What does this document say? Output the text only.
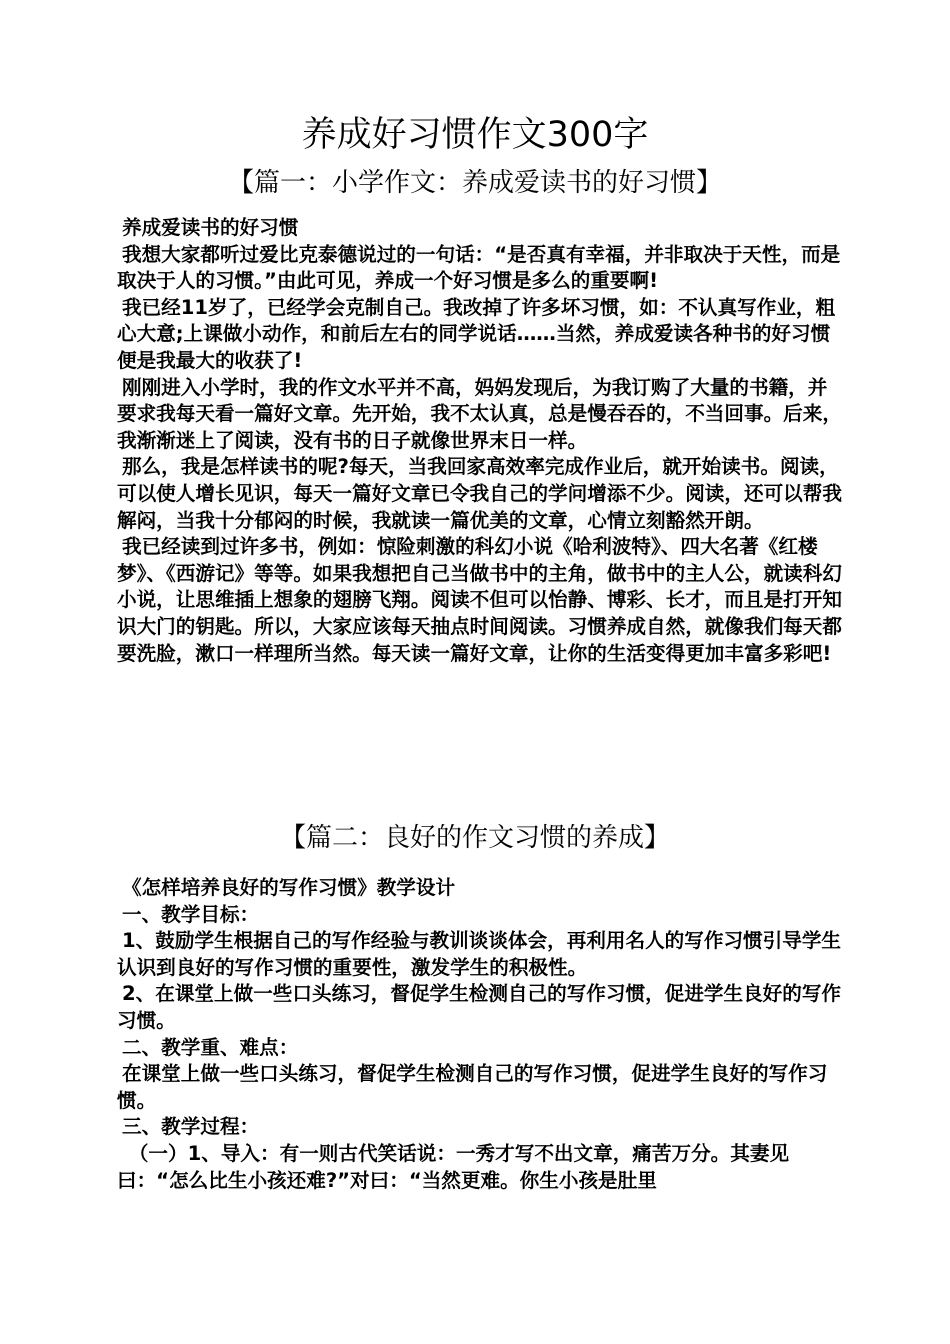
养成好习惯作文300字
【篇一：小学作文：养成爱读书的好习惯】

养成爱读书的好习惯

我想大家都听过爱比克泰德说过的一句话：“是否真有幸福，并非取决于天性，而是取决于人的习惯。”由此可见，养成一个好习惯是多么的重要啊!

我已经11岁了，已经学会克制自己。我改掉了许多坏习惯，如：不认真写作业，粗心大意;上课做小动作，和前后左右的同学说话……当然，养成爱读各种书的好习惯便是我最大的收获了!

刚刚进入小学时，我的作文水平并不高，妈妈发现后，为我订购了大量的书籍，并要求我每天看一篇好文章。先开始，我不太认真，总是慢吞吞的，不当回事。后来，我渐渐迷上了阅读，没有书的日子就像世界末日一样。

那么，我是怎样读书的呢?每天，当我回家高效率完成作业后，就开始读书。阅读，可以使人增长见识，每天一篇好文章已令我自己的学问增添不少。阅读，还可以帮我解闷，当我十分郁闷的时候，我就读一篇优美的文章，心情立刻豁然开朗。

我已经读到过许多书，例如：惊险刺激的科幻小说《哈利波特》、四大名著《红楼梦》、《西游记》等等。如果我想把自己当做书中的主角，做书中的主人公，就读科幻小说，让思维插上想象的翅膀飞翔。阅读不但可以怡静、博彩、长才，而且是打开知识大门的钥匙。所以，大家应该每天抽点时间阅读。习惯养成自然，就像我们每天都要洗脸，漱口一样理所当然。每天读一篇好文章，让你的生活变得更加丰富多彩吧!

【篇二：良好的作文习惯的养成】

《怎样培养良好的写作习惯》教学设计

一、教学目标：

1、鼓励学生根据自己的写作经验与教训谈谈体会，再利用名人的写作习惯引导学生认识到良好的写作习惯的重要性，激发学生的积极性。

2、在课堂上做一些口头练习，督促学生检测自己的写作习惯，促进学生良好的写作习惯。

二、教学重、难点：

在课堂上做一些口头练习，督促学生检测自己的写作习惯，促进学生良好的写作习惯。

三、教学过程：

（一）1、导入：有一则古代笑话说：一秀才写不出文章，痛苦万分。其妻见曰：“怎么比生小孩还难?”对曰：“当然更难。你生小孩是肚里
